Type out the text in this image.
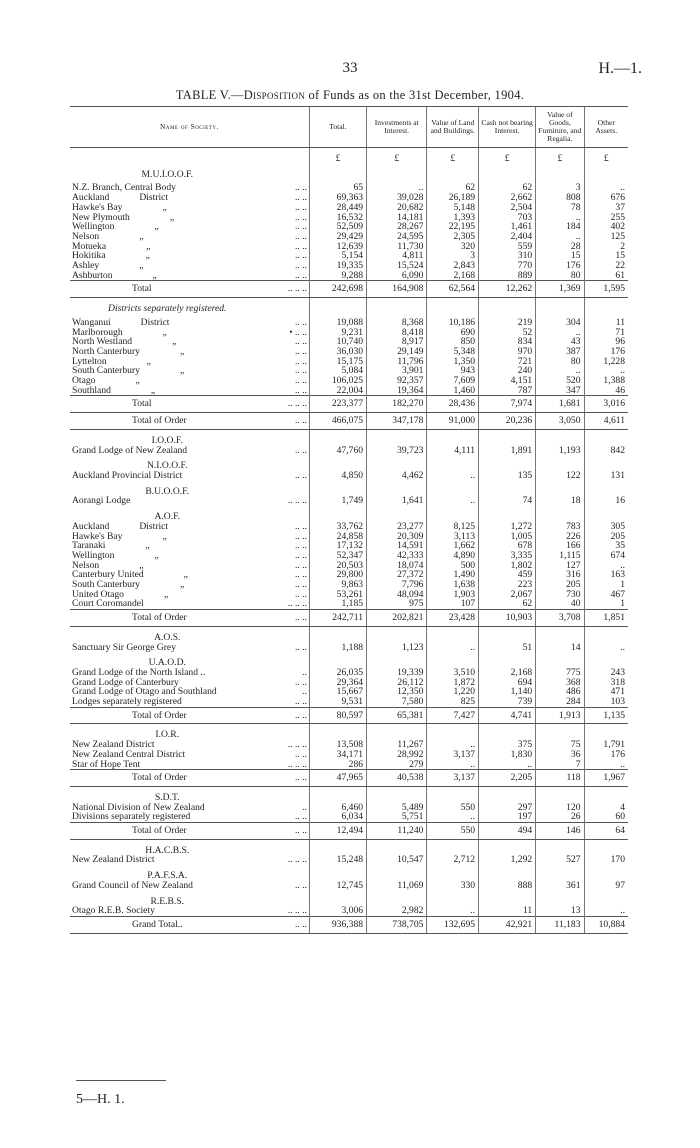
33	H.—1.
TABLE V.—Disposition of Funds as on the 31st December, 1904.
Name of Society.		Total.	Investments at Interest.	Value of Land and Buildings.	Cash not bearing Interest.	Value of Goods, Furniture, and Regalia.	Other Assets.
		£	£	£	£	£	£
M.U.I.O.O.F.							
N.Z. Branch, Central Body	.. ..	65	..	62	62	3	..
Auckland District	.. ..	69,363	39,028	26,189	2,662	808	676
Hawke's Bay „	.. ..	28,449	20,682	5,148	2,504	78	37
New Plymouth „	.. ..	16,532	14,181	1,393	703	..	255
Wellington „	.. ..	52,509	28,267	22,195	1,461	184	402
Nelson „	.. ..	29,429	24,595	2,305	2,404	..	125
Motueka „	.. ..	12,639	11,730	320	559	28	2
Hokitika „	.. ..	5,154	4,811	3	310	15	15
Ashley „	.. ..	19,335	15,524	2,843	770	176	22
Ashburton „	.. ..	9,288	6,090	2,168	889	80	61
Total	.. .. ..	242,698	164,908	62,564	12,262	1,369	1,595
Districts separately registered.							
Wanganui District	.. ..	19,088	8,368	10,186	219	304	11
Marlborough „	• .. ..	9,231	8,418	690	52	..	71
North Westland „	.. ..	10,740	8,917	850	834	43	96
North Canterbury „	.. ..	36,030	29,149	5,348	970	387	176
Lyttelton „	.. ..	15,175	11,796	1,350	721	80	1,228
South Canterbury „	.. ..	5,084	3,901	943	240	..	..
Otago „	.. ..	106,025	92,357	7,609	4,151	520	1,388
Southland „	.. ..	22,004	19,364	1,460	787	347	46
Total	.. .. ..	223,377	182,270	28,436	7,974	1,681	3,016
Total of Order	.. ..	466,075	347,178	91,000	20,236	3,050	4,611
I.O.O.F.							
Grand Lodge of New Zealand	.. ..	47,760	39,723	4,111	1,891	1,193	842
N.I.O.O.F.							
Auckland Provincial District	.. ..	4,850	4,462	..	135	122	131
B.U.O.O.F.							
Aorangi Lodge	.. .. ..	1,749	1,641	..	74	18	16
A.O.F.							
Auckland District	.. ..	33,762	23,277	8,125	1,272	783	305
Hawke's Bay „	.. ..	24,858	20,309	3,113	1,005	226	205
Taranaki „	.. ..	17,132	14,591	1,662	678	166	35
Wellington „	.. ..	52,347	42,333	4,890	3,335	1,115	674
Nelson „	.. ..	20,503	18,074	500	1,802	127	..
Canterbury United „	.. ..	29,800	27,372	1,490	459	316	163
South Canterbury „	.. ..	9,863	7,796	1,638	223	205	1
United Otago „	.. ..	53,261	48,094	1,903	2,067	730	467
Court Coromandel	.. .. ..	1,185	975	107	62	40	1
Total of Order	.. ..	242,711	202,821	23,428	10,903	3,708	1,851
A.O.S.							
Sanctuary Sir George Grey	.. ..	1,188	1,123	..	51	14	..
U.A.O.D.							
Grand Lodge of the North Island ..	..	26,035	19,339	3,510	2,168	775	243
Grand Lodge of Canterbury	.. ..	29,364	26,112	1,872	694	368	318
Grand Lodge of Otago and Southland	..	15,667	12,350	1,220	1,140	486	471
Lodges separately registered	.. ..	9,531	7,580	825	739	284	103
Total of Order	.. ..	80,597	65,381	7,427	4,741	1,913	1,135
I.O.R.							
New Zealand District	.. .. ..	13,508	11,267	..	375	75	1,791
New Zealand Central District	.. ..	34,171	28,992	3,137	1,830	36	176
Star of Hope Tent	.. .. ..	286	279	..	..	7	..
Total of Order	.. ..	47,965	40,538	3,137	2,205	118	1,967
S.D.T.							
National Division of New Zealand	..	6,460	5,489	550	297	120	4
Divisions separately registered	.. ..	6,034	5,751	..	197	26	60
Total of Order	.. ..	12,494	11,240	550	494	146	64
H.A.C.B.S.							
New Zealand District	.. .. ..	15,248	10,547	2,712	1,292	527	170
P.A.F.S.A.							
Grand Council of New Zealand	.. ..	12,745	11,069	330	888	361	97
R.E.B.S.							
Otago R.E.B. Society	.. .. ..	3,006	2,982	..	11	13	..
Grand Total..	.. ..	936,388	738,705	132,695	42,921	11,183	10,884
5—H. 1.
